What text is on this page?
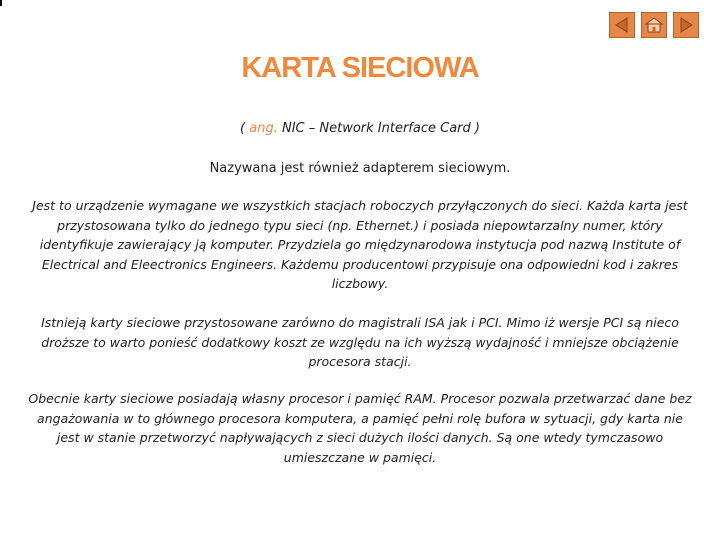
KARTA SIECIOWA
( ang. NIC – Network Interface Card )
Nazywana jest również adapterem sieciowym.

Jest to urządzenie wymagane we wszystkich stacjach roboczych przyłączonych do sieci. Każda karta jest przystosowana tylko do jednego typu sieci (np. Ethernet.) i posiada niepowtarzalny numer, który identyfikuje zawierający ją komputer. Przydziela go międzynarodowa instytucja pod nazwą Institute of Electrical and Eleectronics Engineers. Każdemu producentowi przypisuje ona odpowiedni kod i zakres liczbowy.

Istnieją karty sieciowe przystosowane zarówno do magistrali ISA jak i PCI. Mimo iż wersje PCI są nieco droższe to warto ponieść dodatkowy koszt ze względu na ich wyższą wydajność i mniejsze obciążenie procesora stacji.

Obecnie karty sieciowe posiadają własny procesor i pamięć RAM. Procesor pozwala przetwarzać dane bez angażowania w to głównego procesora komputera, a pamięć pełni rolę bufora w sytuacji, gdy karta nie jest w stanie przetworzyć napływających z sieci dużych ilości danych. Są one wtedy tymczasowo umieszczane w pamięci.
